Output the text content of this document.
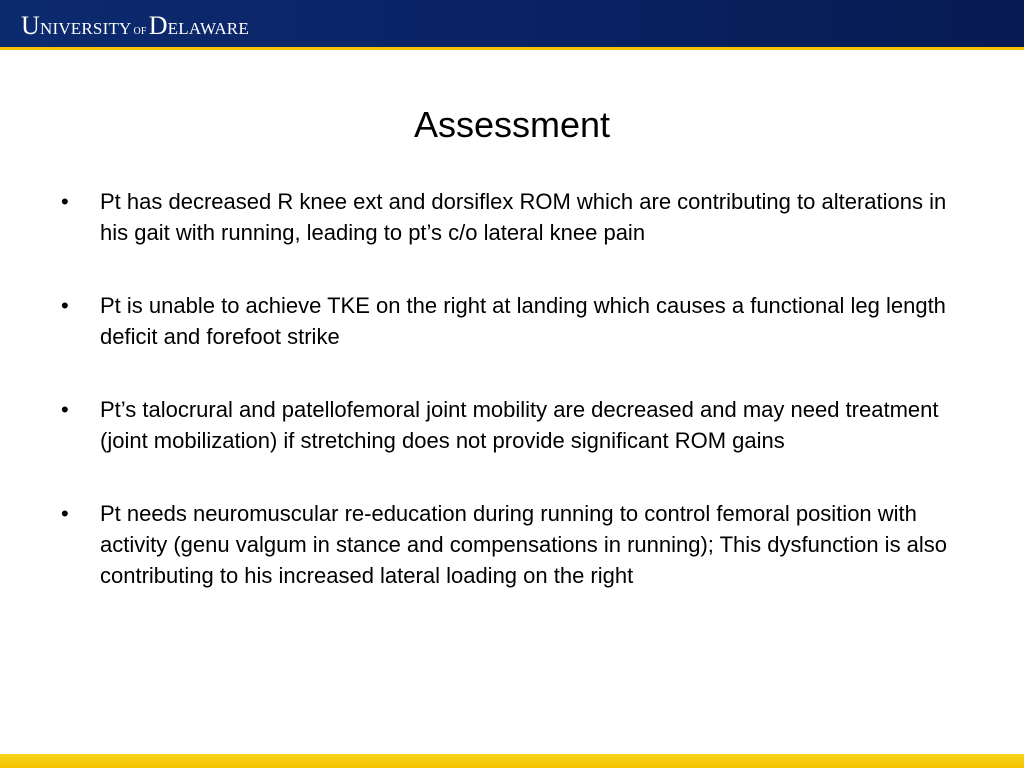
U NIVERSITY OF D ELAWARE
Assessment
• Pt has decreased R knee ext and dorsiflex ROM which are contributing to alterations in his gait with running, leading to pt’s c/o lateral knee pain
• Pt is unable to achieve TKE on the right at landing which causes a functional leg length deficit and forefoot strike
• Pt’s talocrural and patellofemoral joint mobility are decreased and may need treatment (joint mobilization) if stretching does not provide significant ROM gains
• Pt needs neuromuscular re-education during running to control femoral position with activity (genu valgum in stance and compensations in running); This dysfunction is also contributing to his increased lateral loading on the right
